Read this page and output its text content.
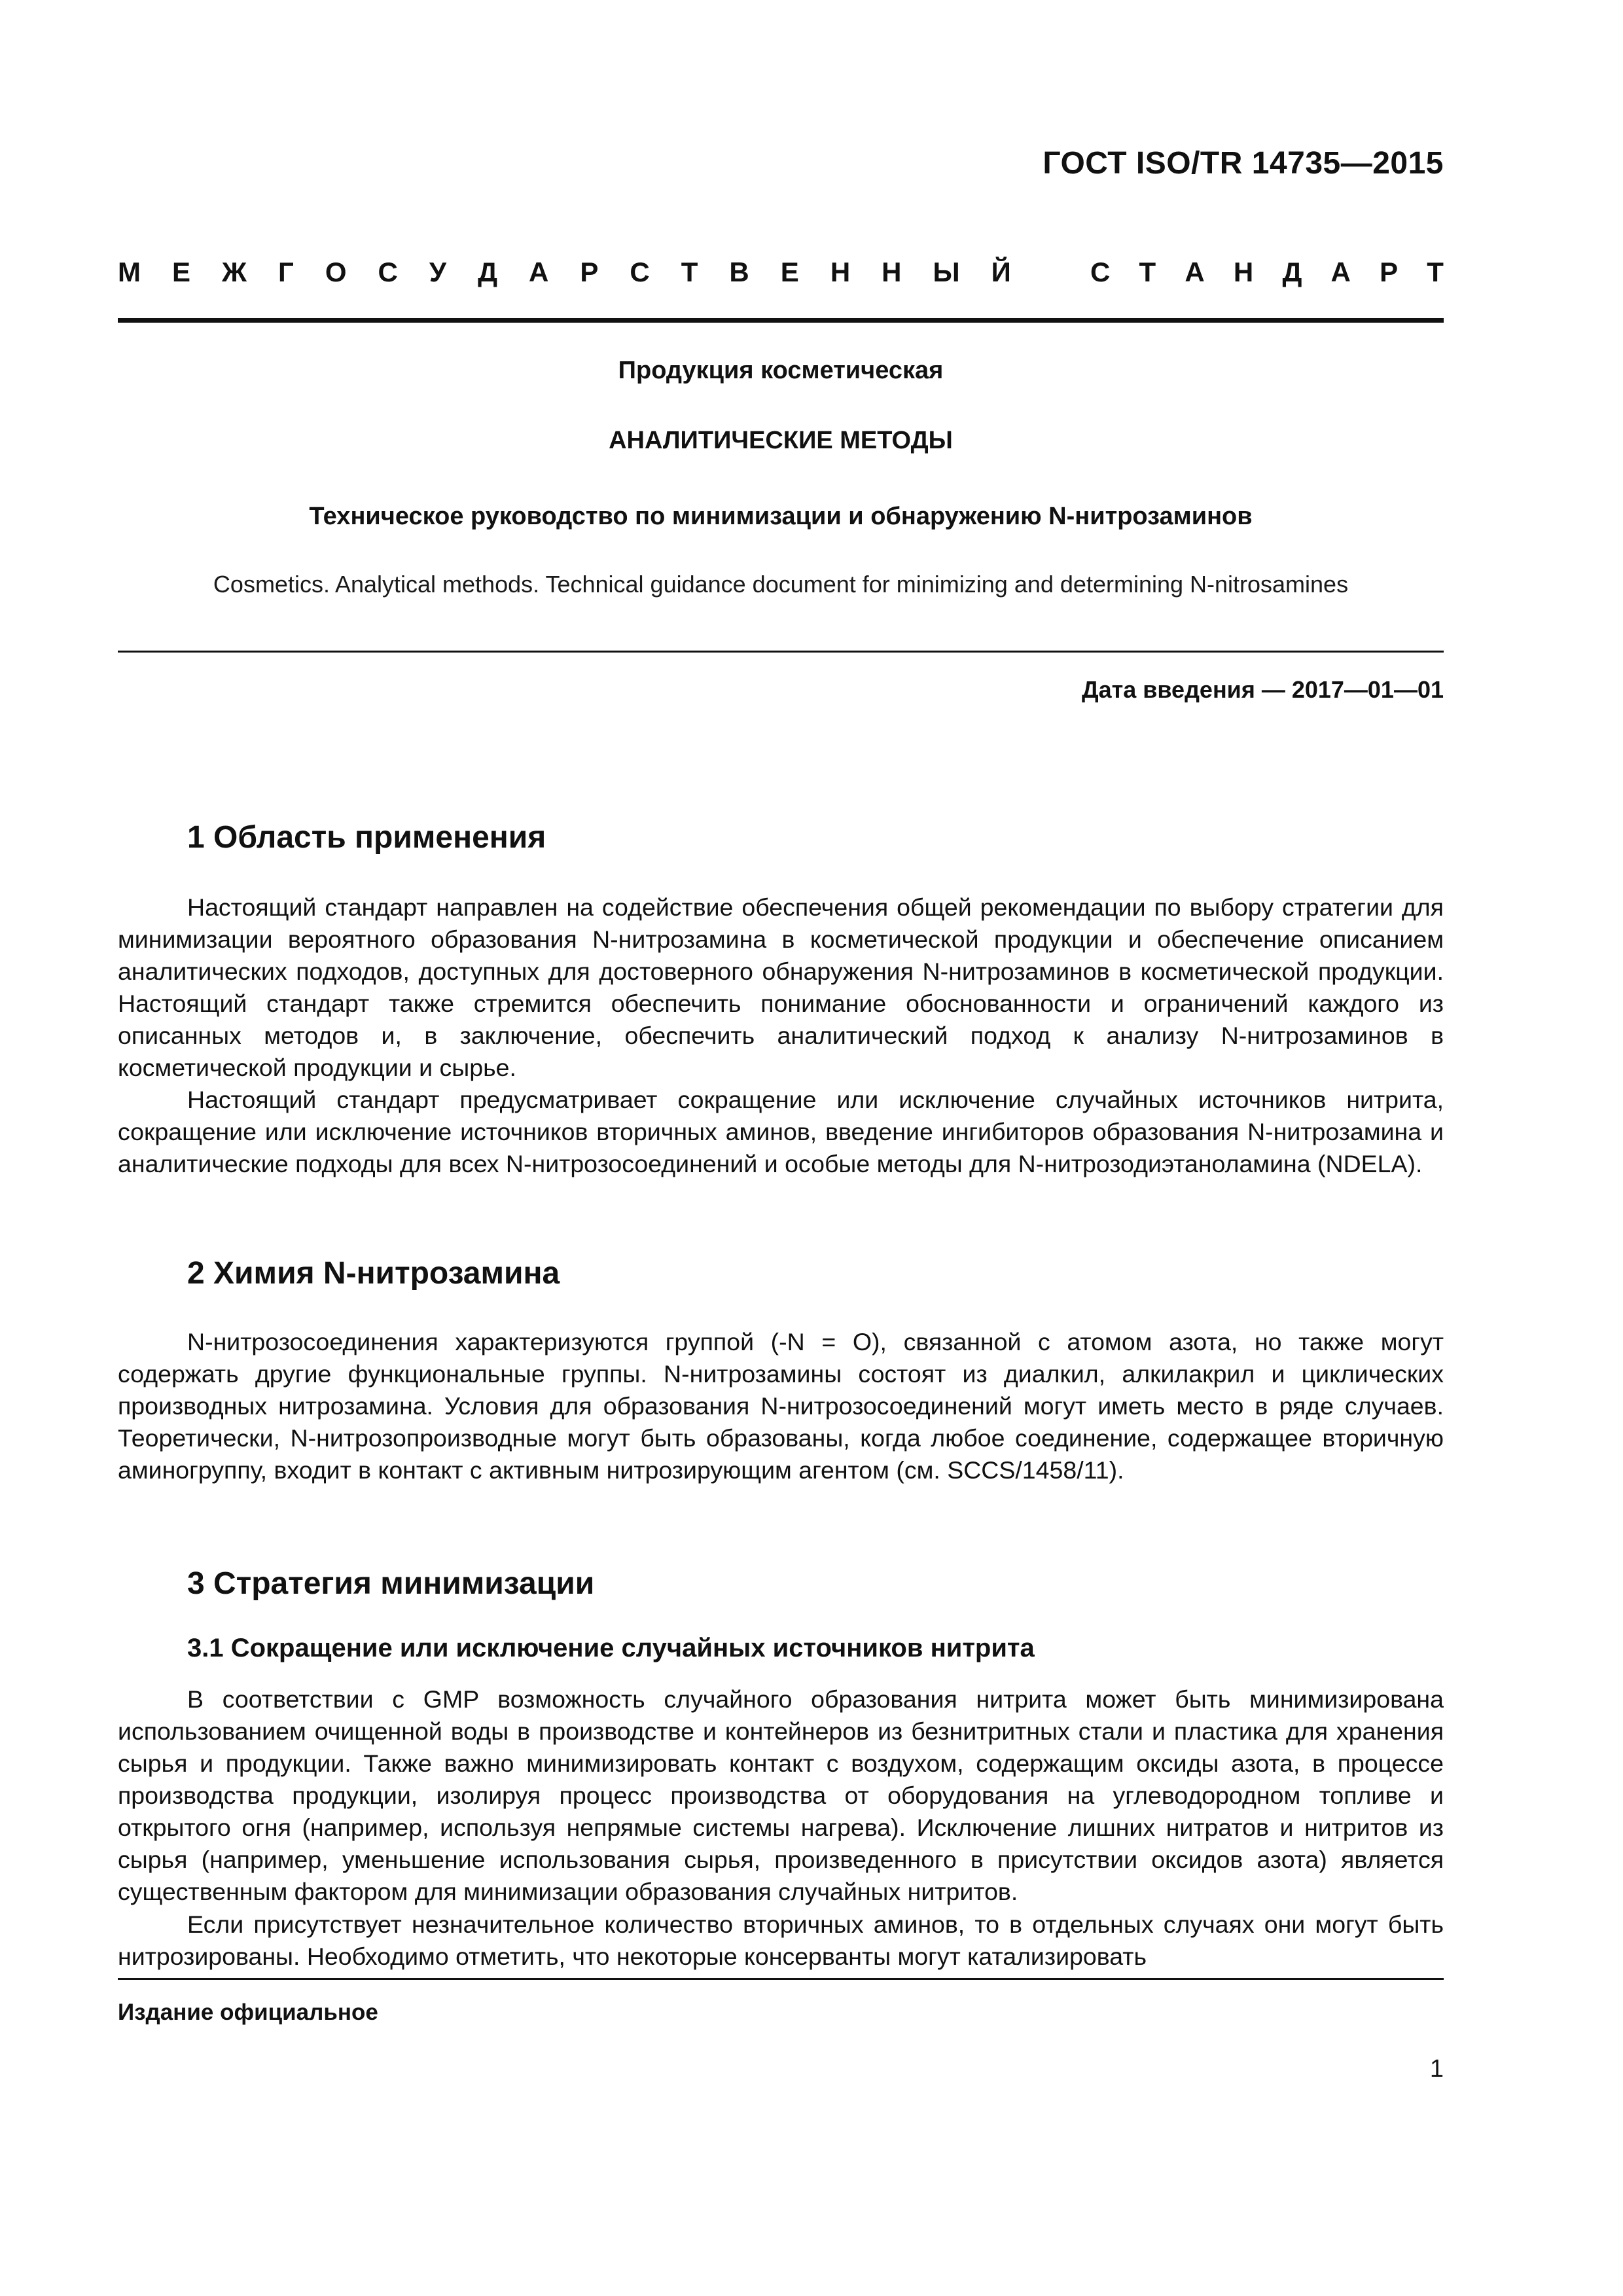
ГОСТ ISO/TR 14735—2015
М Е Ж Г О С У Д А Р С Т В Е Н Н Ы Й	С Т А Н Д А Р Т
Продукция косметическая
АНАЛИТИЧЕСКИЕ МЕТОДЫ
Техническое руководство по минимизации и обнаружению N-нитрозаминов
Cosmetics. Analytical methods. Technical guidance document for minimizing and determining N-nitrosamines
Дата введения — 2017—01—01
1 Область применения

Настоящий стандарт направлен на содействие обеспечения общей рекомендации по выбору стратегии для минимизации вероятного образования N-нитрозамина в косметической продукции и обеспечение описанием аналитических подходов, доступных для достоверного обнаружения N-нитрозаминов в косметической продукции. Настоящий стандарт также стремится обеспечить понимание обоснованности и ограничений каждого из описанных методов и, в заключение, обеспечить аналитический подход к анализу N-нитрозаминов в косметической продукции и сырье.

Настоящий стандарт предусматривает сокращение или исключение случайных источников нитрита, сокращение или исключение источников вторичных аминов, введение ингибиторов образования N-нитрозамина и аналитические подходы для всех N-нитрозосоединений и особые методы для N-нитрозодиэтаноламина (NDELA).

2 Химия N-нитрозамина

N-нитрозосоединения характеризуются группой (-N = O), связанной с атомом азота, но также могут содержать другие функциональные группы. N-нитрозамины состоят из диалкил, алкилакрил и циклических производных нитрозамина. Условия для образования N-нитрозосоединений могут иметь место в ряде случаев. Теоретически, N-нитрозопроизводные могут быть образованы, когда любое соединение, содержащее вторичную аминогруппу, входит в контакт с активным нитрозирующим агентом (см. SCCS/1458/11).

3 Стратегия минимизации
3.1 Сокращение или исключение случайных источников нитрита

В соответствии с GMP возможность случайного образования нитрита может быть минимизирована использованием очищенной воды в производстве и контейнеров из безнитритных стали и пластика для хранения сырья и продукции. Также важно минимизировать контакт с воздухом, содержащим оксиды азота, в процессе производства продукции, изолируя процесс производства от оборудования на углеводородном топливе и открытого огня (например, используя непрямые системы нагрева). Исключение лишних нитратов и нитритов из сырья (например, уменьшение использования сырья, произведенного в присутствии оксидов азота) является существенным фактором для минимизации образования случайных нитритов.

Если присутствует незначительное количество вторичных аминов, то в отдельных случаях они могут быть нитрозированы. Необходимо отметить, что некоторые консерванты могут катализировать

Издание официальное
1
